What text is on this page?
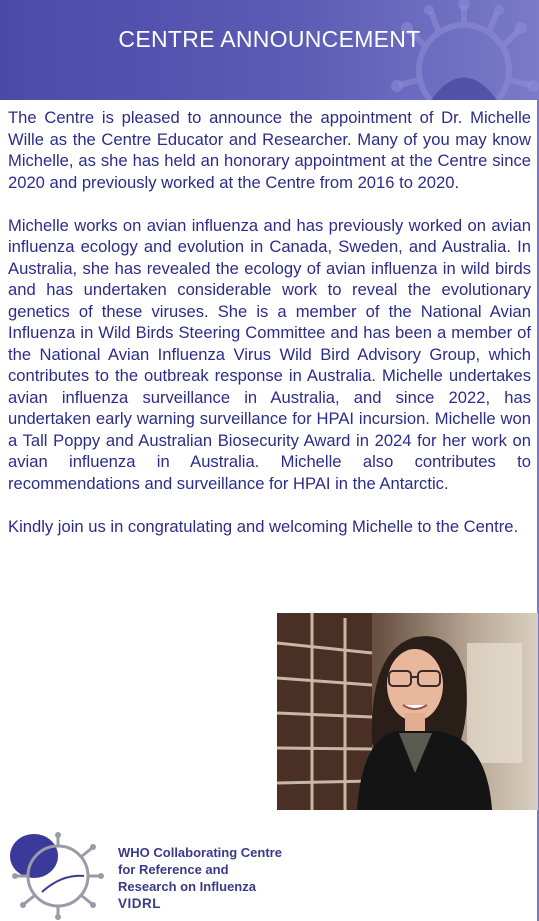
CENTRE ANNOUNCEMENT

The Centre is pleased to announce the appointment of Dr. Michelle Wille as the Centre Educator and Researcher. Many of you may know Michelle, as she has held an honorary appointment at the Centre since 2020 and previously worked at the Centre from 2016 to 2020.

Michelle works on avian influenza and has previously worked on avian influenza ecology and evolution in Canada, Sweden, and Australia. In Australia, she has revealed the ecology of avian influenza in wild birds and has undertaken considerable work to reveal the evolutionary genetics of these viruses. She is a member of the National Avian Influenza in Wild Birds Steering Committee and has been a member of the National Avian Influenza Virus Wild Bird Advisory Group, which contributes to the outbreak response in Australia. Michelle undertakes avian influenza surveillance in Australia, and since 2022, has undertaken early warning surveillance for HPAI incursion. Michelle won a Tall Poppy and Australian Biosecurity Award in 2024 for her work on avian influenza in Australia. Michelle also contributes to recommendations and surveillance for HPAI in the Antarctic.

Kindly join us in congratulating and welcoming Michelle to the Centre.

WHO Collaborating Centre
for Reference and
Research on Influenza
VIDRL
